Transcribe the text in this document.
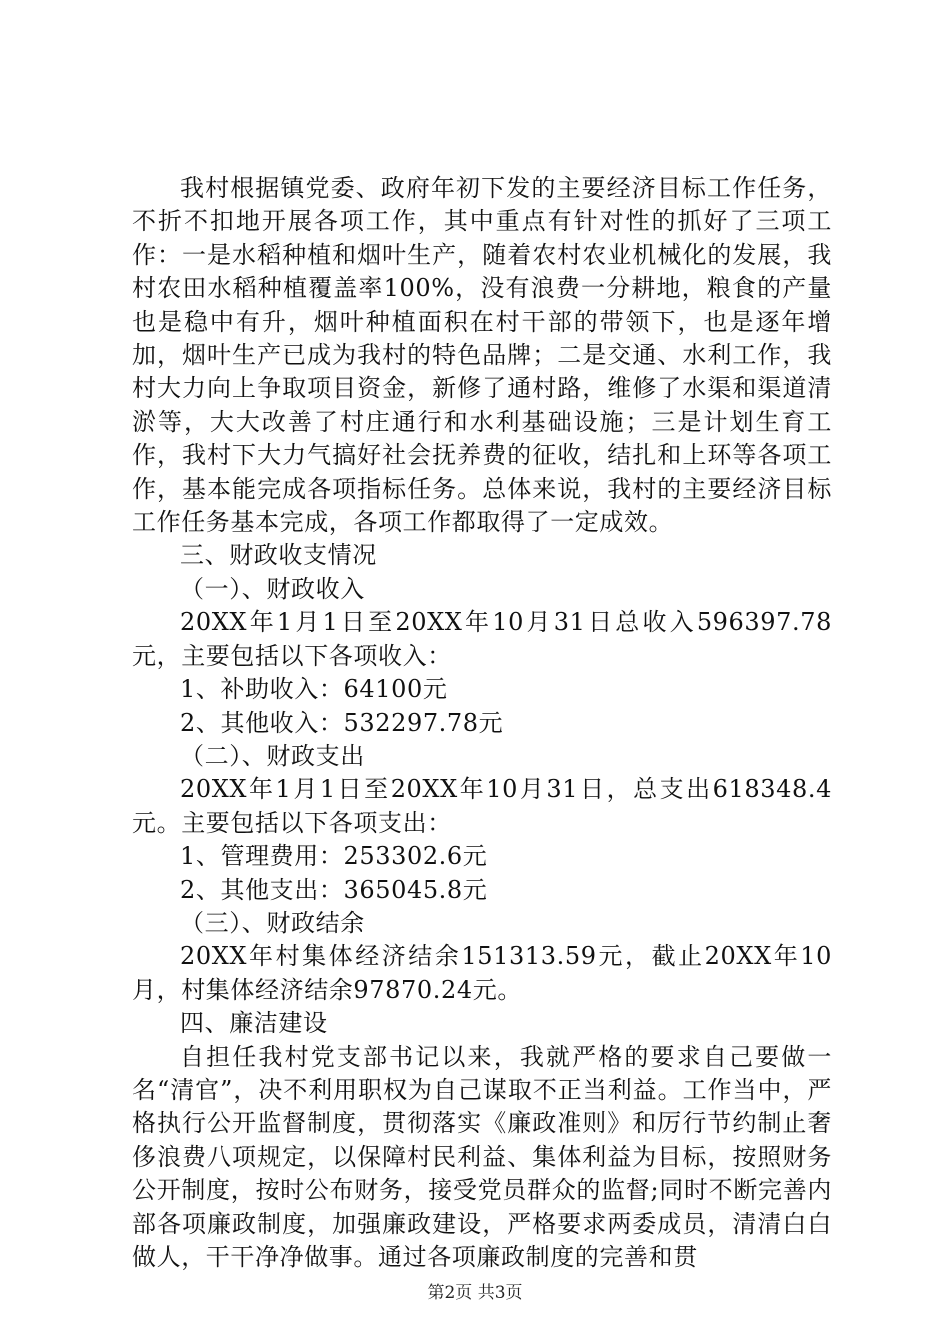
我村根据镇党委、政府年初下发的主要经济目标工作任务，不折不扣地开展各项工作，其中重点有针对性的抓好了三项工作：一是水稻种植和烟叶生产，随着农村农业机械化的发展，我村农田水稻种植覆盖率100%，没有浪费一分耕地，粮食的产量也是稳中有升，烟叶种植面积在村干部的带领下，也是逐年增加，烟叶生产已成为我村的特色品牌；二是交通、水利工作，我村大力向上争取项目资金，新修了通村路，维修了水渠和渠道清淤等，大大改善了村庄通行和水利基础设施；三是计划生育工作，我村下大力气搞好社会抚养费的征收，结扎和上环等各项工作，基本能完成各项指标任务。总体来说，我村的主要经济目标工作任务基本完成，各项工作都取得了一定成效。

三、财政收支情况

（一）、财政收入

20XX年1月1日至20XX年10月31日总收入596397.78元，主要包括以下各项收入：

1、补助收入：64100元

2、其他收入：532297.78元

（二）、财政支出

20XX年1月1日至20XX年10月31日，总支出618348.4元。主要包括以下各项支出：

1、管理费用：253302.6元

2、其他支出：365045.8元

（三）、财政结余

20XX年村集体经济结余151313.59元，截止20XX年10月，村集体经济结余97870.24元。

四、廉洁建设

自担任我村党支部书记以来，我就严格的要求自己要做一名“清官”，决不利用职权为自己谋取不正当利益。工作当中，严格执行公开监督制度，贯彻落实《廉政准则》和厉行节约制止奢侈浪费八项规定，以保障村民利益、集体利益为目标，按照财务公开制度，按时公布财务，接受党员群众的监督;同时不断完善内部各项廉政制度，加强廉政建设，严格要求两委成员，清清白白做人，干干净净做事。通过各项廉政制度的完善和贯

第2页 共3页
